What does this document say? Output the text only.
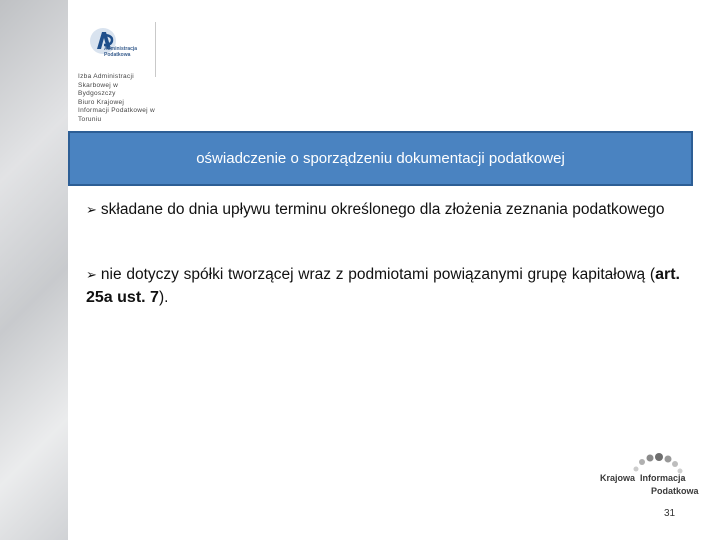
Administracja
Podatkowa
Izba Administracji
Skarbowej w
Bydgoszczy
Biuro Krajowej
Informacji Podatkowej w
Toruniu
oświadczenie o sporządzeniu dokumentacji podatkowej
➢ składane do dnia upływu terminu określonego dla złożenia zeznania podatkowego
➢ nie dotyczy spółki tworzącej wraz z podmiotami powiązanymi grupę kapitałową (art. 25a ust. 7).
Krajowa Informacja
Podatkowa
31
